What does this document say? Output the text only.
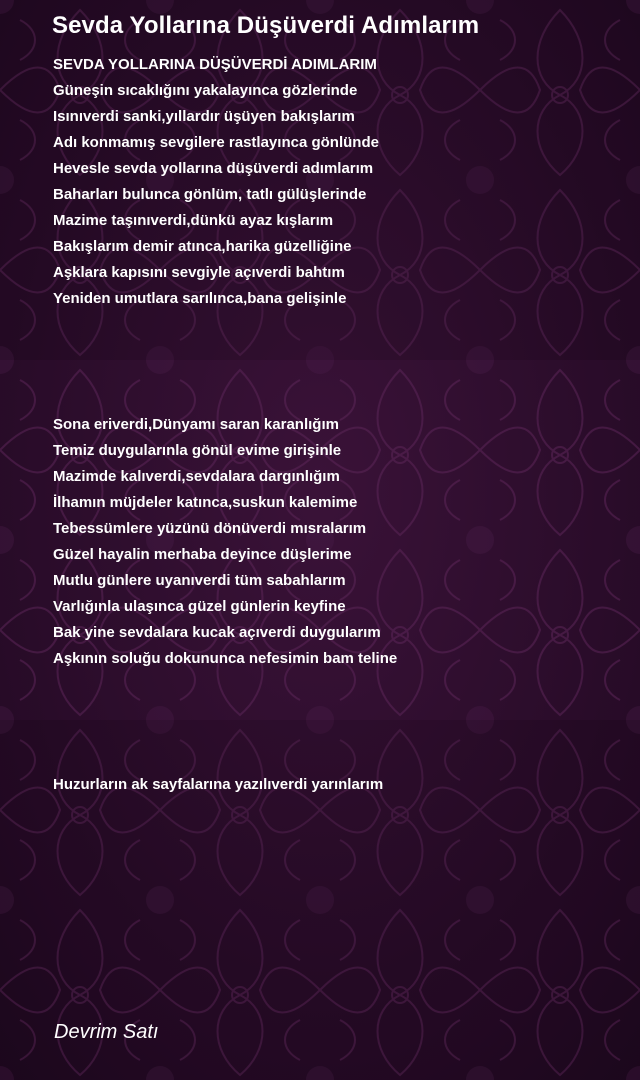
Sevda Yollarına Düşüverdi Adımlarım
SEVDA YOLLARINA DÜŞÜVERDİ ADIMLARIM
Güneşin sıcaklığını yakalayınca gözlerinde
Isınıverdi sanki,yıllardır üşüyen bakışlarım
Adı konmamış sevgilere rastlayınca gönlünde
Hevesle sevda yollarına düşüverdi adımlarım
Baharları bulunca gönlüm, tatlı gülüşlerinde
Mazime taşınıverdi,dünkü ayaz kışlarım
Bakışlarım demir atınca,harika güzelliğine
Aşklara kapısını sevgiyle açıverdi bahtım
Yeniden umutlara sarılınca,bana gelişinle
Sona eriverdi,Dünyamı saran karanlığım
Temiz duygularınla gönül evime girişinle
Mazimde kalıverdi,sevdalara dargınlığım
İlhamın müjdeler katınca,suskun kalemime
Tebessümlere yüzünü dönüverdi mısralarım
Güzel hayalin merhaba deyince düşlerime
Mutlu günlere uyanıverdi tüm sabahlarım
Varlığınla ulaşınca güzel günlerin keyfine
Bak yine sevdalara kucak açıverdi duygularım
Aşkının soluğu dokununca nefesimin bam teline
Huzurların ak sayfalarına yazılıverdi yarınlarım
Devrim Satı
